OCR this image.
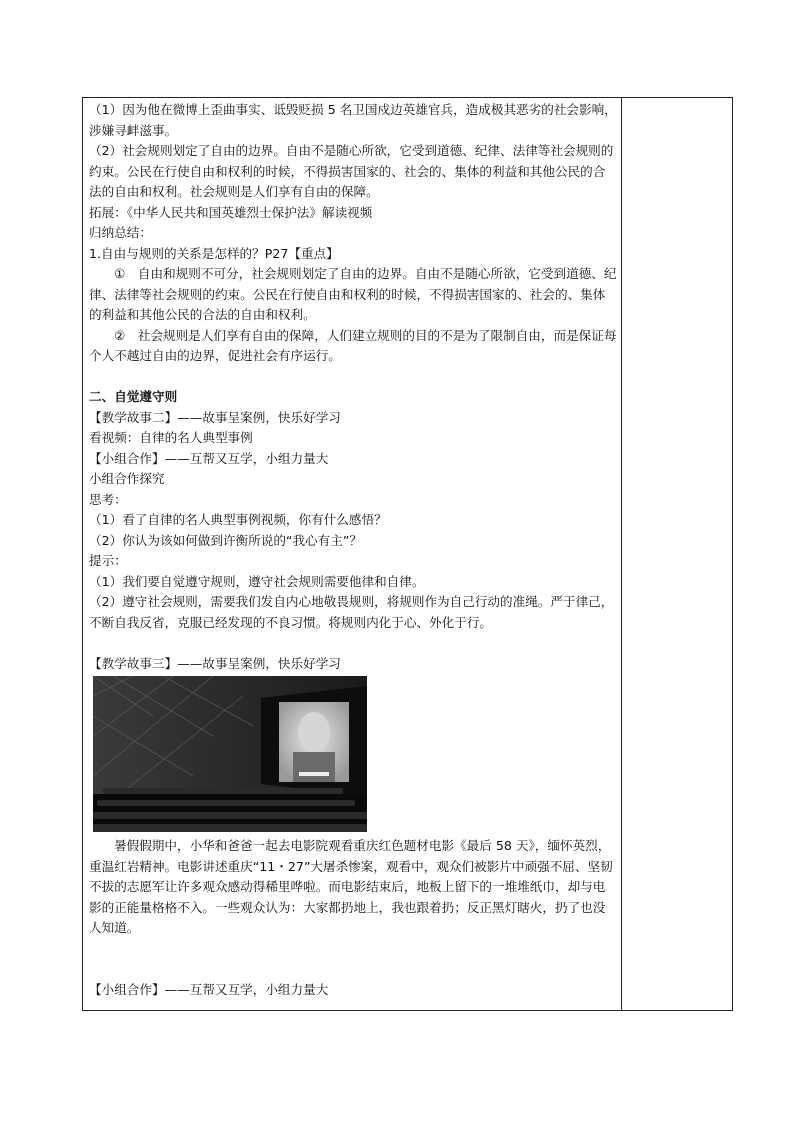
（1）因为他在微博上歪曲事实、诋毁贬损 5 名卫国戍边英雄官兵，造成极其恶劣的社会影响，涉嫌寻衅滋事。

（2）社会规则划定了自由的边界。自由不是随心所欲，它受到道德、纪律、法律等社会规则的约束。公民在行使自由和权利的时候，不得损害国家的、社会的、集体的利益和其他公民的合法的自由和权利。社会规则是人们享有自由的保障。

拓展：《中华人民共和国英雄烈士保护法》解读视频

归纳总结：

1.自由与规则的关系是怎样的？P27【重点】

①　自由和规则不可分，社会规则划定了自由的边界。自由不是随心所欲，它受到道德、纪律、法律等社会规则的约束。公民在行使自由和权利的时候，不得损害国家的、社会的、集体的利益和其他公民的合法的自由和权利。

②　社会规则是人们享有自由的保障，人们建立规则的目的不是为了限制自由，而是保证每个人不越过自由的边界，促进社会有序运行。

二、自觉遵守则

【教学故事二】——故事呈案例，快乐好学习

看视频：自律的名人典型事例

【小组合作】——互帮又互学，小组力量大

小组合作探究

思考：

（1）看了自律的名人典型事例视频，你有什么感悟？

（2）你认为该如何做到许衡所说的“我心有主”？

提示：

（1）我们要自觉遵守规则，遵守社会规则需要他律和自律。

（2）遵守社会规则，需要我们发自内心地敬畏规则，将规则作为自己行动的准绳。严于律己，不断自我反省，克服已经发现的不良习惯。将规则内化于心、外化于行。

【教学故事三】——故事呈案例，快乐好学习

暑假假期中，小华和爸爸一起去电影院观看重庆红色题材电影《最后 58 天》，缅怀英烈，重温红岩精神。电影讲述重庆“11・27”大屠杀惨案，观看中，观众们被影片中顽强不屈、坚韧不拔的志愿军让许多观众感动得稀里哗啦。而电影结束后，地板上留下的一堆堆纸巾，却与电影的正能量格格不入。一些观众认为：大家都扔地上，我也跟着扔；反正黑灯瞎火，扔了也没人知道。

【小组合作】——互帮又互学，小组力量大
